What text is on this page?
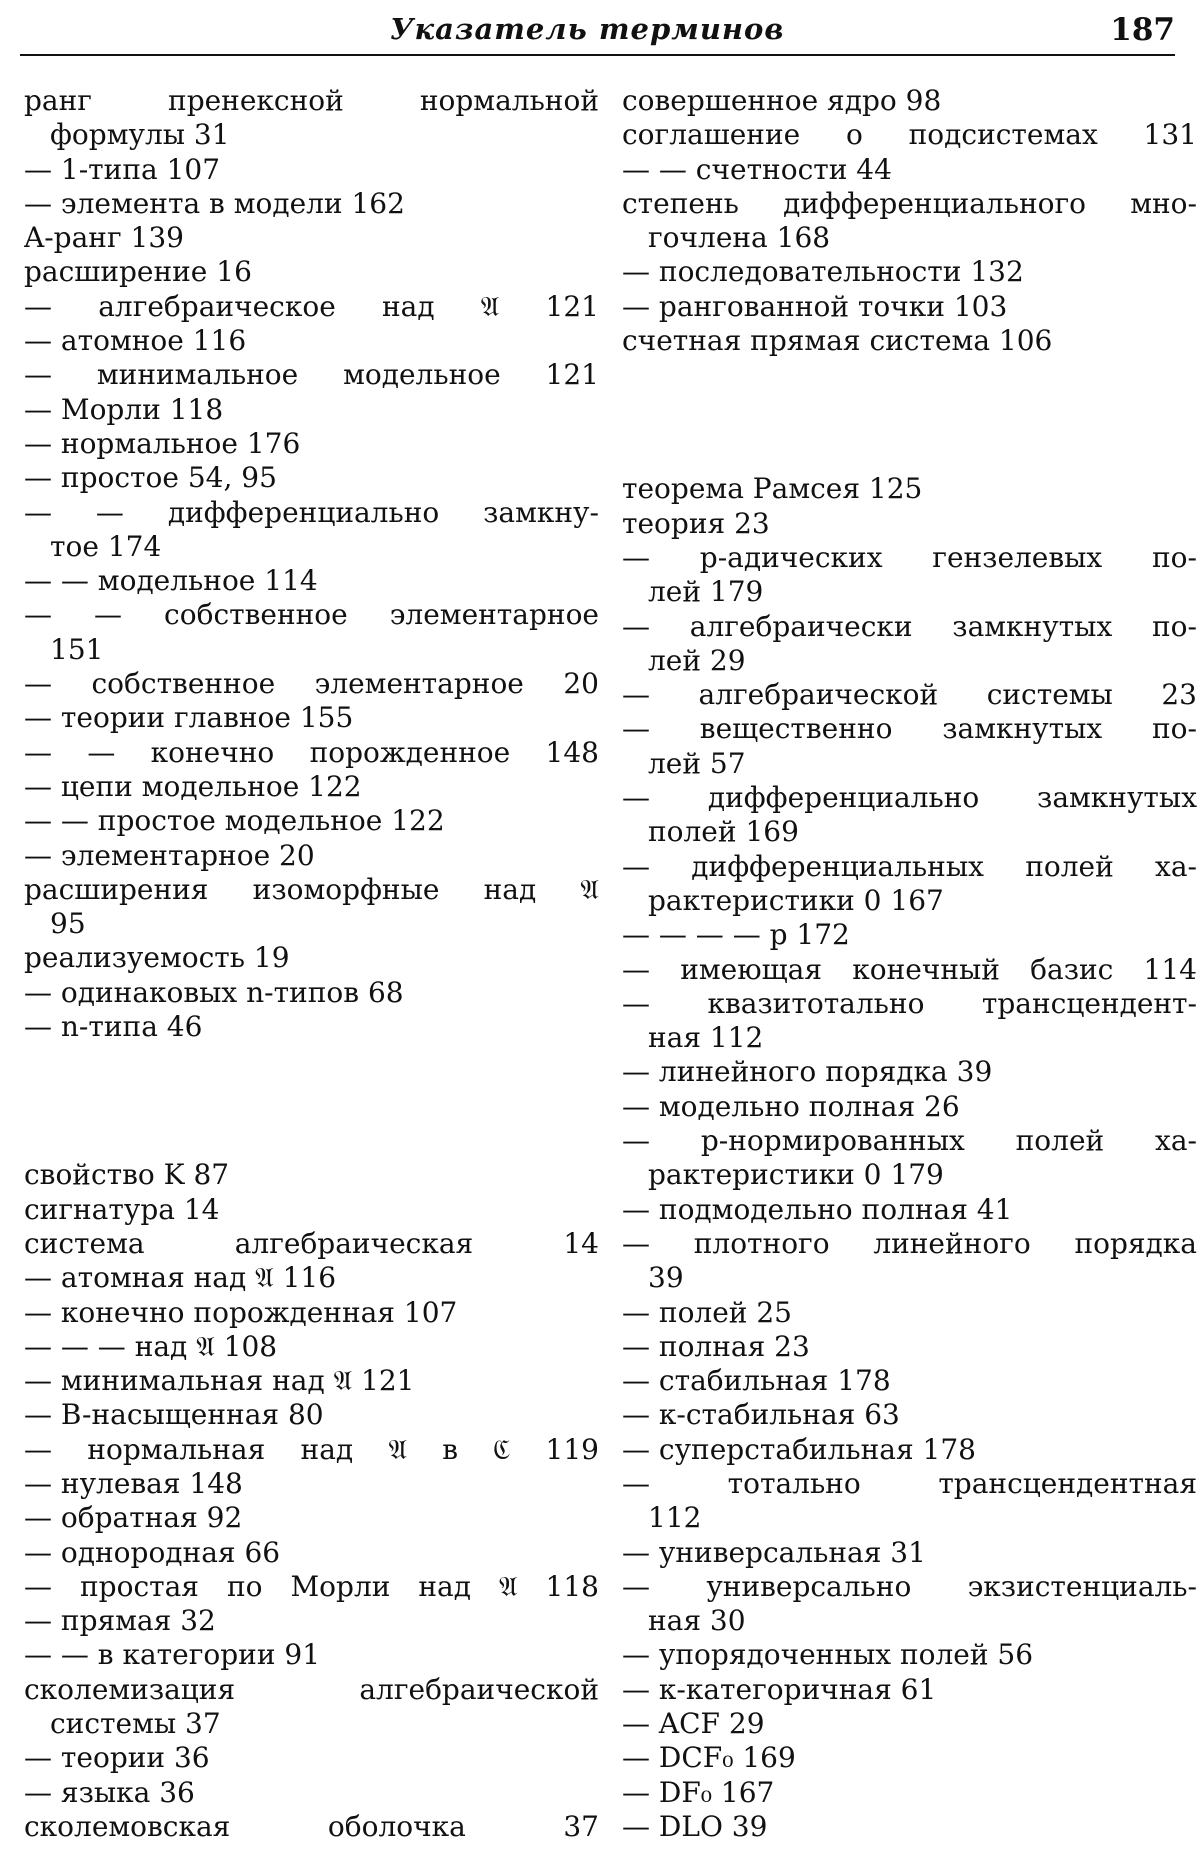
Указатель терминов	187
ранг пренексной нормальной
формулы 31
— 1-типа 107
— элемента в модели 162
A-ранг 139
расширение 16
— алгебраическое над 𝔄 121
— атомное 116
— минимальное модельное 121
— Морли 118
— нормальное 176
— простое 54, 95
— — дифференциально замкну-
тое 174
— — модельное 114
— — собственное элементарное
151
— собственное элементарное 20
— теории главное 155
— — конечно порожденное 148
— цепи модельное 122
— — простое модельное 122
— элементарное 20
расширения изоморфные над 𝔄
95
реализуемость 19
— одинаковых n-типов 68
— n-типа 46
свойство K 87
сигнатура 14
система алгебраическая 14
— атомная над 𝔄 116
— конечно порожденная 107
— — — над 𝔄 108
— минимальная над 𝔄 121
— B-насыщенная 80
— нормальная над 𝔄 в ℭ 119
— нулевая 148
— обратная 92
— однородная 66
— простая по Морли над 𝔄 118
— прямая 32
— — в категории 91
сколемизация алгебраической
системы 37
— теории 36
— языка 36
сколемовская оболочка 37
совершенное ядро 98
соглашение о подсистемах 131
— — счетности 44
степень дифференциального мно-
гочлена 168
— последовательности 132
— рангованной точки 103
счетная прямая система 106
теорема Рамсея 125
теория 23
— p-адических гензелевых по-
лей 179
— алгебраически замкнутых по-
лей 29
— алгебраической системы 23
— вещественно замкнутых по-
лей 57
— дифференциально замкнутых
полей 169
— дифференциальных полей ха-
рактеристики 0 167
— — — — p 172
— имеющая конечный базис 114
— квазитотально трансцендент-
ная 112
— линейного порядка 39
— модельно полная 26
— p-нормированных полей ха-
рактеристики 0 179
— подмодельно полная 41
— плотного линейного порядка
39
— полей 25
— полная 23
— стабильная 178
— κ-стабильная 63
— суперстабильная 178
— тотально трансцендентная
112
— универсальная 31
— универсально экзистенциаль-
ная 30
— упорядоченных полей 56
— κ-категоричная 61
— ACF 29
— DCF₀ 169
— DF₀ 167
— DLO 39
